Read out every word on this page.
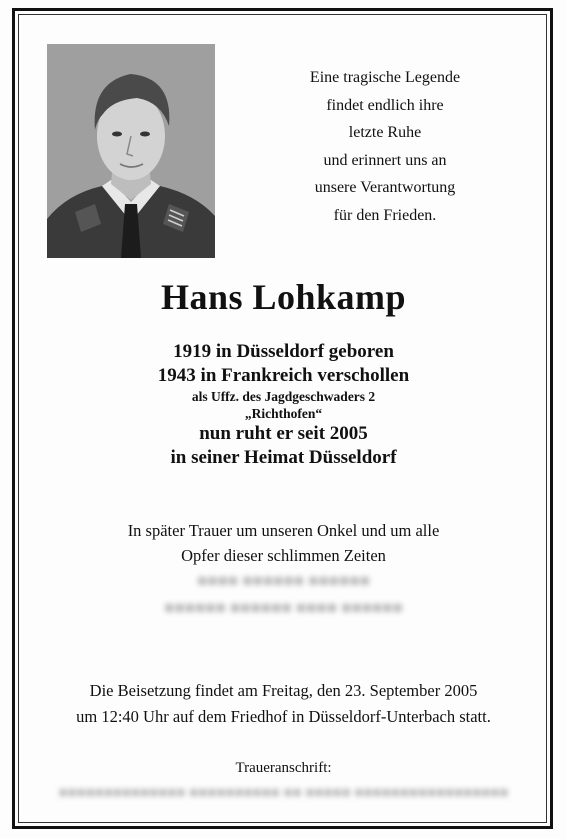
Eine tragische Legende
findet endlich ihre
letzte Ruhe
und erinnert uns an
unsere Verantwortung
für den Frieden.
Hans Lohkamp
1919 in Düsseldorf geboren
1943 in Frankreich verschollen
als Uffz. des Jagdgeschwaders 2
„Richthofen“
nun ruht er seit 2005
in seiner Heimat Düsseldorf
In später Trauer um unseren Onkel und um alle
Opfer dieser schlimmen Zeiten
■■■■ ■■■■■■ ■■■■■■
■■■■■■ ■■■■■■ ■■■■ ■■■■■■
Die Beisetzung findet am Freitag, den 23. September 2005
um 12:40 Uhr auf dem Friedhof in Düsseldorf-Unterbach statt.
Traueranschrift:
■■■■■■■■■■■■■■ ■■■■■■■■■■ ■■ ■■■■■ ■■■■■■■■■■■■■■■■■
